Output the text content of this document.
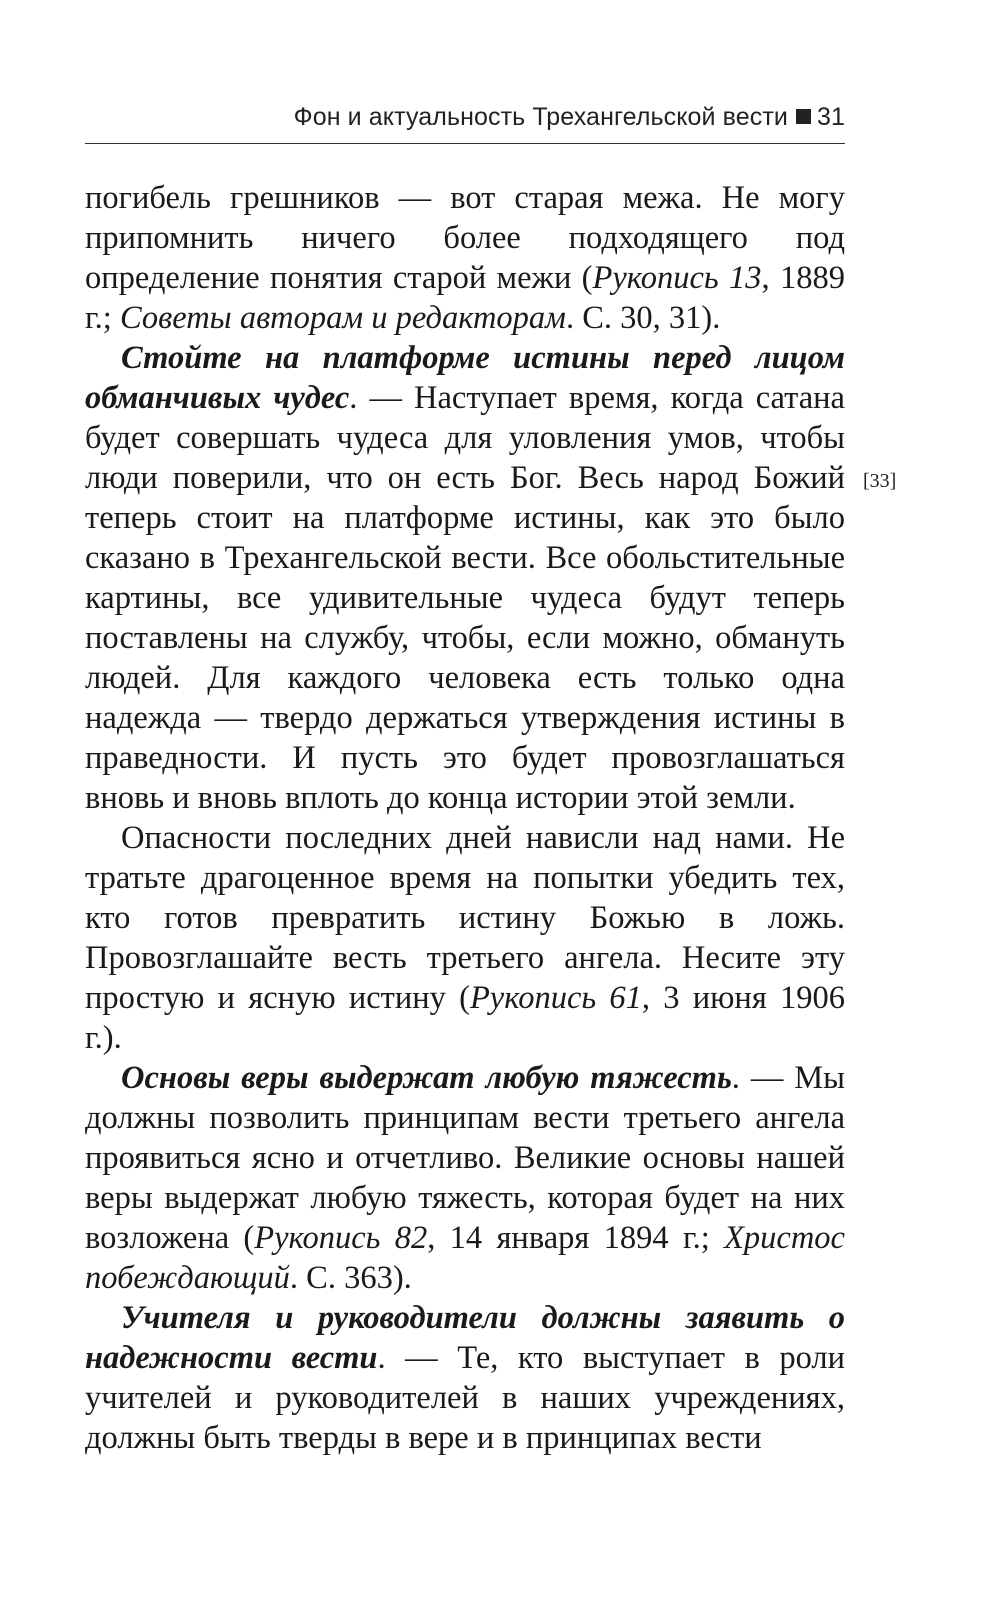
Фон и актуальность Трехангельской вести 31
[33]

погибель грешников — вот старая межа. Не могу припомнить ничего более подходящего под определение понятия старой межи (Рукопись 13, 1889 г.; Советы авторам и редакторам. С. 30, 31).

Стойте на платформе истины перед лицом обманчивых чудес. — Наступает время, когда сатана будет совершать чудеса для уловления умов, чтобы люди поверили, что он есть Бог. Весь народ Божий теперь стоит на платформе истины, как это было сказано в Трехангельской вести. Все обольстительные картины, все удивительные чудеса будут теперь поставлены на службу, чтобы, если можно, обмануть людей. Для каждого человека есть только одна надежда — твердо держаться утверждения истины в праведности. И пусть это будет провозглашаться вновь и вновь вплоть до конца истории этой земли.

Опасности последних дней нависли над нами. Не тратьте драгоценное время на попытки убедить тех, кто готов превратить истину Божью в ложь. Провозглашайте весть третьего ангела. Несите эту простую и ясную истину (Рукопись 61, 3 июня 1906 г.).

Основы веры выдержат любую тяжесть. — Мы должны позволить принципам вести третьего ангела проявиться ясно и отчетливо. Великие основы нашей веры выдержат любую тяжесть, которая будет на них возложена (Рукопись 82, 14 января 1894 г.; Христос побеждающий. С. 363).

Учителя и руководители должны заявить о надежности вести. — Те, кто выступает в роли учителей и руководителей в наших учреждениях, должны быть тверды в вере и в принципах вести
